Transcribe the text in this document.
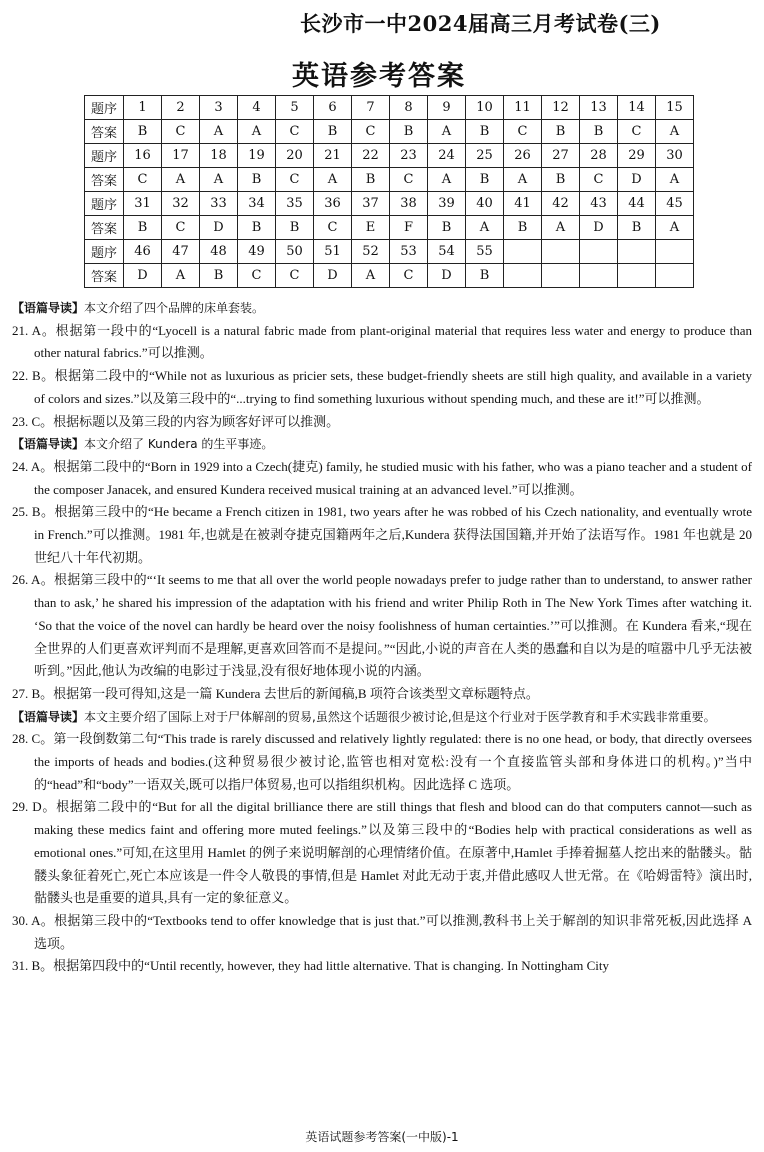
长沙市一中2024届高三月考试卷(三)
英语参考答案
题序	1	2	3	4	5	6	7	8	9	10	11	12	13	14	15
答案	B	C	A	A	C	B	C	B	A	B	C	B	B	C	A
题序	16	17	18	19	20	21	22	23	24	25	26	27	28	29	30
答案	C	A	A	B	C	A	B	C	A	B	A	B	C	D	A
题序	31	32	33	34	35	36	37	38	39	40	41	42	43	44	45
答案	B	C	D	B	B	C	E	F	B	A	B	A	D	B	A
题序	46	47	48	49	50	51	52	53	54	55					
答案	D	A	B	C	C	D	A	C	D	B					

【语篇导读】本文介绍了四个品牌的床单套装。

21. A。根据第一段中的“Lyocell is a natural fabric made from plant-original material that requires less water and energy to produce than other natural fabrics.”可以推测。

22. B。根据第二段中的“While not as luxurious as pricier sets, these budget-friendly sheets are still high quality, and available in a variety of colors and sizes.”以及第三段中的“...trying to find something luxurious without spending much, and these are it!”可以推测。

23. C。根据标题以及第三段的内容为顾客好评可以推测。

【语篇导读】本文介绍了 Kundera 的生平事迹。

24. A。根据第二段中的“Born in 1929 into a Czech(捷克) family, he studied music with his father, who was a piano teacher and a student of the composer Janacek, and ensured Kundera received musical training at an advanced level.”可以推测。

25. B。根据第三段中的“He became a French citizen in 1981, two years after he was robbed of his Czech nationality, and eventually wrote in French.”可以推测。1981 年,也就是在被剥夺捷克国籍两年之后,Kundera 获得法国国籍,并开始了法语写作。1981 年也就是 20 世纪八十年代初期。

26. A。根据第三段中的“‘It seems to me that all over the world people nowadays prefer to judge rather than to understand, to answer rather than to ask,’ he shared his impression of the adaptation with his friend and writer Philip Roth in The New York Times after watching it. ‘So that the voice of the novel can hardly be heard over the noisy foolishness of human certainties.’”可以推测。在 Kundera 看来,“现在全世界的人们更喜欢评判而不是理解,更喜欢回答而不是提问。”“因此,小说的声音在人类的愚蠢和自以为是的喧嚣中几乎无法被听到。”因此,他认为改编的电影过于浅显,没有很好地体现小说的内涵。

27. B。根据第一段可得知,这是一篇 Kundera 去世后的新闻稿,B 项符合该类型文章标题特点。

【语篇导读】本文主要介绍了国际上对于尸体解剖的贸易,虽然这个话题很少被讨论,但是这个行业对于医学教育和手术实践非常重要。

28. C。第一段倒数第二句“This trade is rarely discussed and relatively lightly regulated: there is no one head, or body, that directly oversees the imports of heads and bodies.(这种贸易很少被讨论,监管也相对宽松:没有一个直接监管头部和身体进口的机构。)”当中的“head”和“body”一语双关,既可以指尸体贸易,也可以指组织机构。因此选择 C 选项。

29. D。根据第二段中的“But for all the digital brilliance there are still things that flesh and blood can do that computers cannot—such as making these medics faint and offering more muted feelings.”以及第三段中的“Bodies help with practical considerations as well as emotional ones.”可知,在这里用 Hamlet 的例子来说明解剖的心理情绪价值。在原著中,Hamlet 手捧着掘墓人挖出来的骷髅头。骷髅头象征着死亡,死亡本应该是一件令人敬畏的事情,但是 Hamlet 对此无动于衷,并借此感叹人世无常。在《哈姆雷特》演出时,骷髅头也是重要的道具,具有一定的象征意义。

30. A。根据第三段中的“Textbooks tend to offer knowledge that is just that.”可以推测,教科书上关于解剖的知识非常死板,因此选择 A 选项。

31. B。根据第四段中的“Until recently, however, they had little alternative. That is changing. In Nottingham City

英语试题参考答案(一中版)-1
